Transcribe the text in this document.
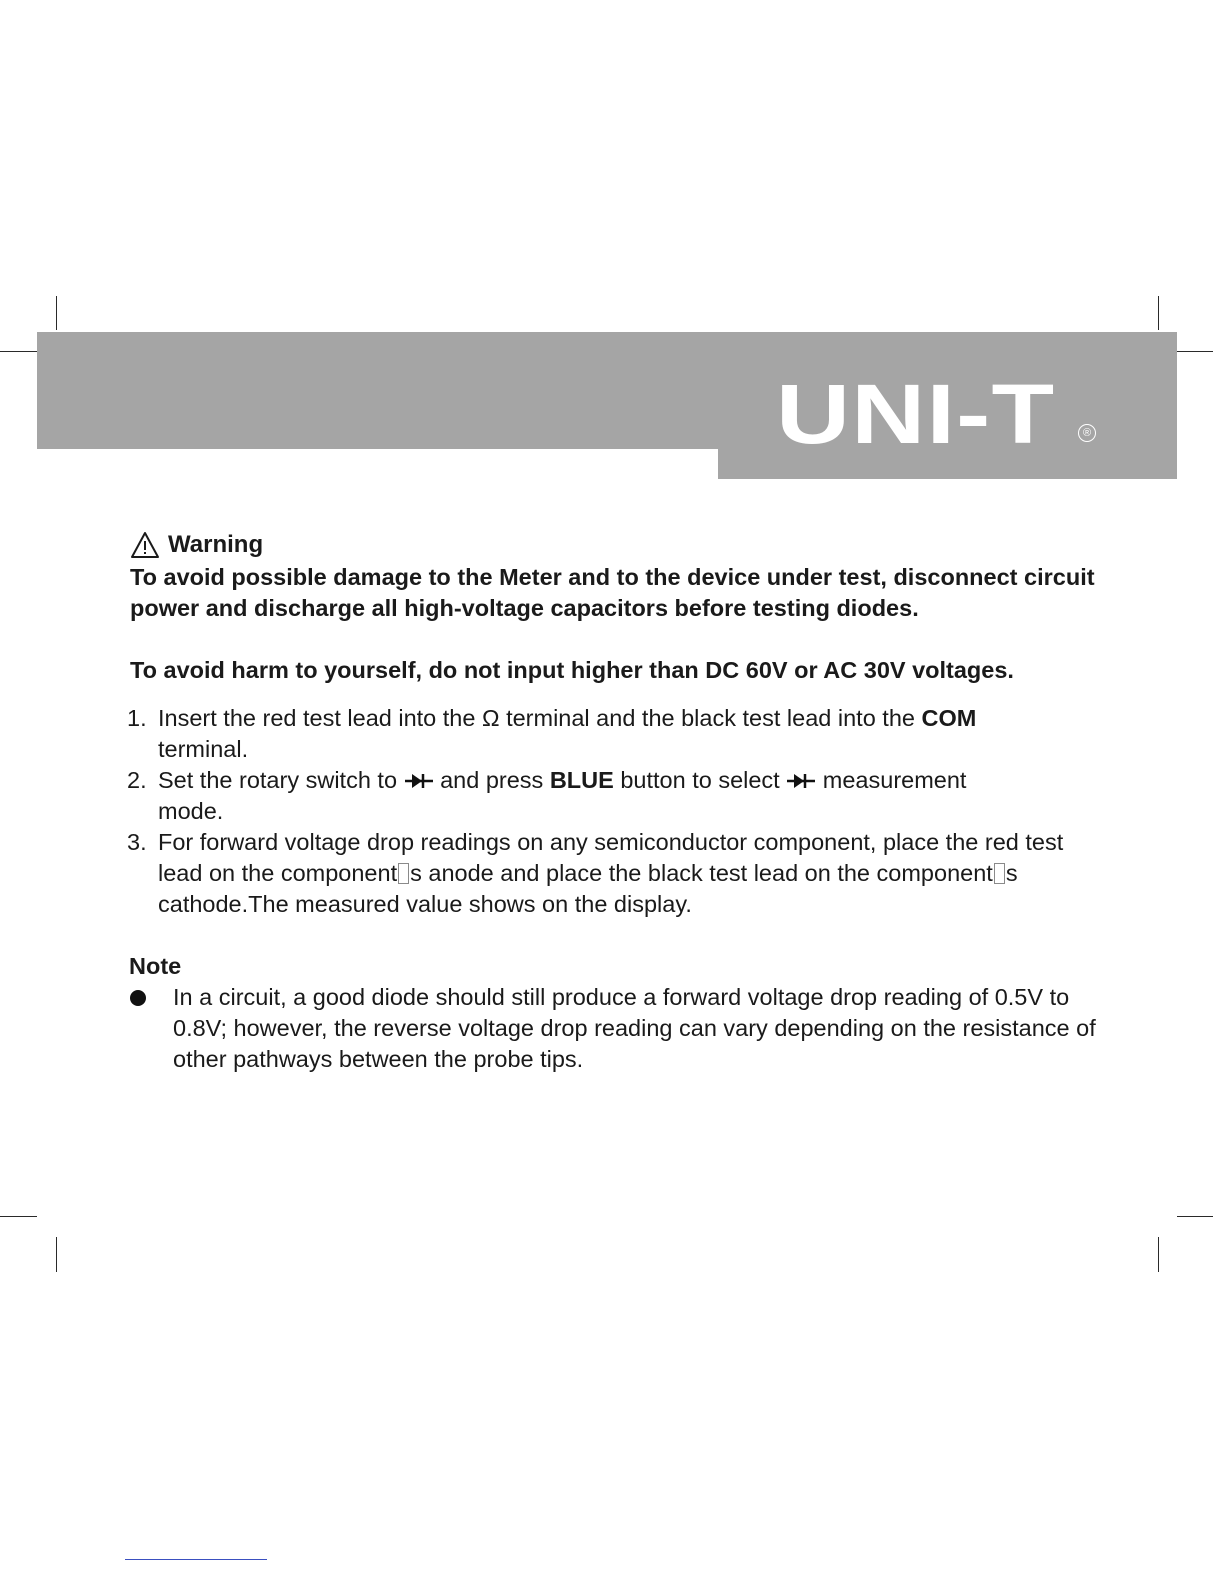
UNI-T	®
Warning
To avoid possible damage to the Meter and to the device under test, disconnect circuit power and discharge all high-voltage capacitors before testing diodes.
To avoid harm to yourself, do not input higher than DC 60V or AC 30V voltages.
1. Insert the red test lead into the Ω terminal and the black test lead into the COM
terminal.
2. Set the rotary switch to  and press BLUE button to select  measurement
mode.
3. For forward voltage drop readings on any semiconductor component, place the red test lead on the component s anode and place the black test lead on the component s cathode.The measured value shows on the display.
Note
In a circuit, a good diode should still produce a forward voltage drop reading of 0.5V to 0.8V; however, the reverse voltage drop reading can vary depending on the resistance of other pathways between the probe tips.
